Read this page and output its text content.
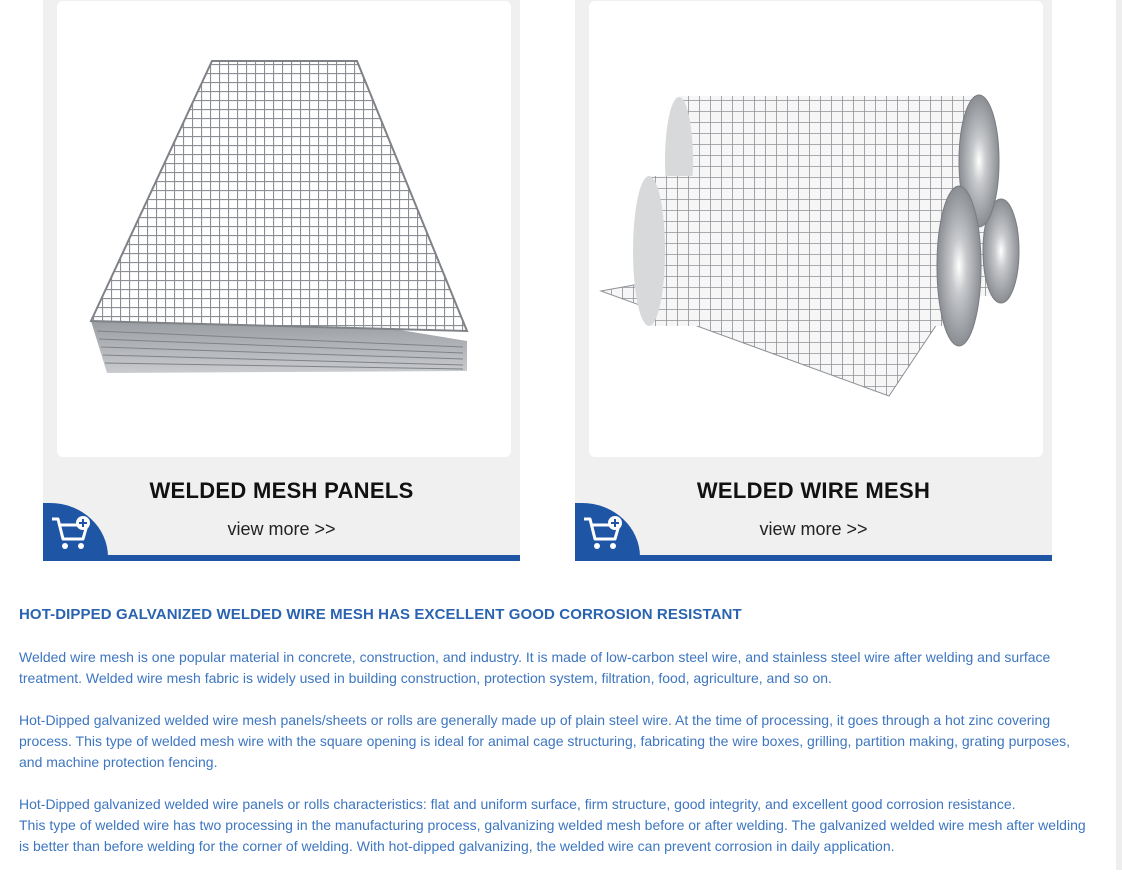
WELDED MESH PANELS
view more >>
WELDED WIRE MESH
view more >>
HOT-DIPPED GALVANIZED WELDED WIRE MESH HAS EXCELLENT GOOD CORROSION RESISTANT

Welded wire mesh is one popular material in concrete, construction, and industry. It is made of low-carbon steel wire, and stainless steel wire after welding and surface treatment. Welded wire mesh fabric is widely used in building construction, protection system, filtration, food, agriculture, and so on.

Hot-Dipped galvanized welded wire mesh panels/sheets or rolls are generally made up of plain steel wire. At the time of processing, it goes through a hot zinc covering process. This type of welded mesh wire with the square opening is ideal for animal cage structuring, fabricating the wire boxes, grilling, partition making, grating purposes, and machine protection fencing.

Hot-Dipped galvanized welded wire panels or rolls characteristics: flat and uniform surface, firm structure, good integrity, and excellent good corrosion resistance.
This type of welded wire has two processing in the manufacturing process, galvanizing welded mesh before or after welding. The galvanized welded wire mesh after welding is better than before welding for the corner of welding. With hot-dipped galvanizing, the welded wire can prevent corrosion in daily application.
